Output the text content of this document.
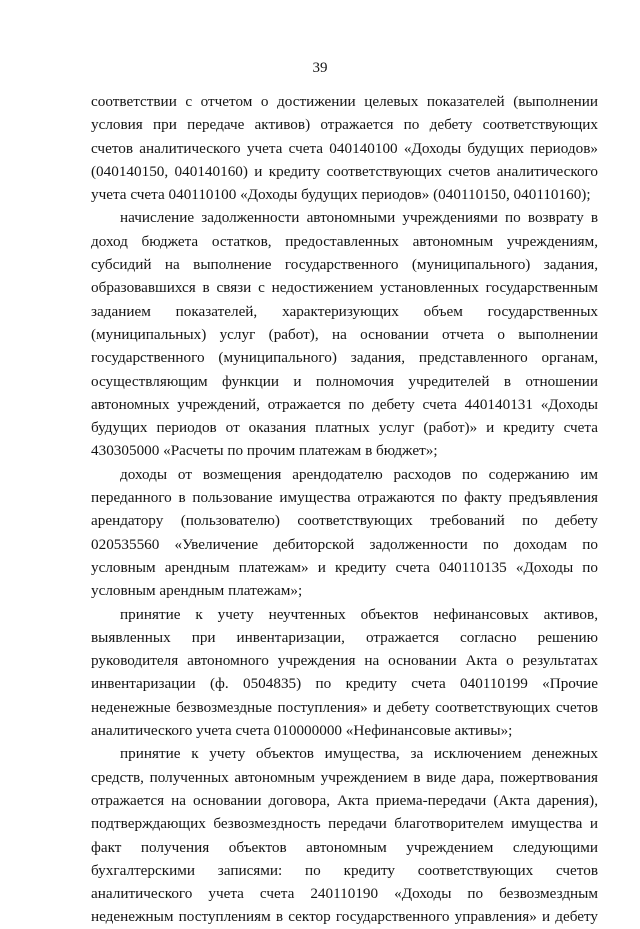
39

соответствии с отчетом о достижении целевых показателей (выполнении
условия при передаче активов) отражается по дебету соответствующих
счетов аналитического учета счета 040140100 «Доходы будущих периодов»
(040140150, 040140160) и кредиту соответствующих счетов аналитического
учета счета 040110100 «Доходы будущих периодов» (040110150, 040110160);

начисление задолженности автономными учреждениями по возврату в
доход бюджета остатков, предоставленных автономным учреждениям,
субсидий на выполнение государственного (муниципального) задания,
образовавшихся в связи с недостижением установленных государственным
заданием показателей, характеризующих объем государственных
(муниципальных) услуг (работ), на основании отчета о выполнении
государственного (муниципального) задания, представленного органам,
осуществляющим функции и полномочия учредителей в отношении
автономных учреждений, отражается по дебету счета 440140131 «Доходы
будущих периодов от оказания платных услуг (работ)» и кредиту счета
430305000 «Расчеты по прочим платежам в бюджет»;

доходы от возмещения арендодателю расходов по содержанию им
переданного в пользование имущества отражаются по факту предъявления
арендатору (пользователю) соответствующих требований по дебету
020535560 «Увеличение дебиторской задолженности по доходам по
условным арендным платежам» и кредиту счета 040110135 «Доходы по
условным арендным платежам»;

принятие к учету неучтенных объектов нефинансовых активов,
выявленных при инвентаризации, отражается согласно решению
руководителя автономного учреждения на основании Акта о результатах
инвентаризации (ф. 0504835) по кредиту счета 040110199 «Прочие
неденежные безвозмездные поступления» и дебету соответствующих счетов
аналитического учета счета 010000000 «Нефинансовые активы»;

принятие к учету объектов имущества, за исключением денежных
средств, полученных автономным учреждением в виде дара, пожертвования
отражается на основании договора, Акта приема-передачи (Акта дарения),
подтверждающих безвозмездность передачи благотворителем имущества и
факт получения объектов автономным учреждением следующими
бухгалтерскими записями: по кредиту соответствующих счетов
аналитического учета счета 240110190 «Доходы по безвозмездным
неденежным поступлениям в сектор государственного управления» и дебету
